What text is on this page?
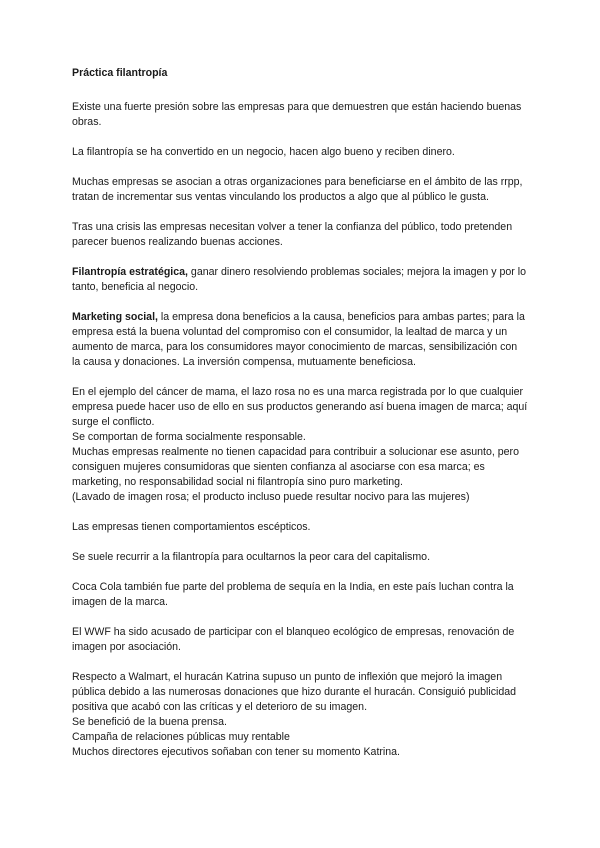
Práctica filantropía

Existe una fuerte presión sobre las empresas para que demuestren que están haciendo buenas obras.

La filantropía se ha convertido en un negocio, hacen algo bueno y reciben dinero.

Muchas empresas se asocian a otras organizaciones para beneficiarse en el ámbito de las rrpp, tratan de incrementar sus ventas vinculando los productos a algo que al público le gusta.

Tras una crisis las empresas necesitan volver a tener la confianza del público, todo pretenden parecer buenos realizando buenas acciones.

Filantropía estratégica, ganar dinero resolviendo problemas sociales; mejora la imagen y por lo tanto, beneficia al negocio.

Marketing social, la empresa dona beneficios a la causa, beneficios para ambas partes; para la empresa está la buena voluntad del compromiso con el consumidor, la lealtad de marca y un aumento de marca, para los consumidores mayor conocimiento de marcas, sensibilización con la causa y donaciones. La inversión compensa, mutuamente beneficiosa.

En el ejemplo del cáncer de mama, el lazo rosa no es una marca registrada por lo que cualquier empresa puede hacer uso de ello en sus productos generando así buena imagen de marca; aquí surge el conflicto.
Se comportan de forma socialmente responsable.
Muchas empresas realmente no tienen capacidad para contribuir a solucionar ese asunto, pero consiguen mujeres consumidoras que sienten confianza al asociarse con esa marca; es marketing, no responsabilidad social ni filantropía sino puro marketing.
(Lavado de imagen rosa; el producto incluso puede resultar nocivo para las mujeres)

Las empresas tienen comportamientos escépticos.

Se suele recurrir a la filantropía para ocultarnos la peor cara del capitalismo.

Coca Cola también fue parte del problema de sequía en la India, en este país luchan contra la imagen de la marca.

El WWF ha sido acusado de participar con el blanqueo ecológico de empresas, renovación de imagen por asociación.

Respecto a Walmart, el huracán Katrina supuso un punto de inflexión que mejoró la imagen pública debido a las numerosas donaciones que hizo durante el huracán. Consiguió publicidad positiva que acabó con las críticas y el deterioro de su imagen.
Se benefició de la buena prensa.
Campaña de relaciones públicas muy rentable
Muchos directores ejecutivos soñaban con tener su momento Katrina.
